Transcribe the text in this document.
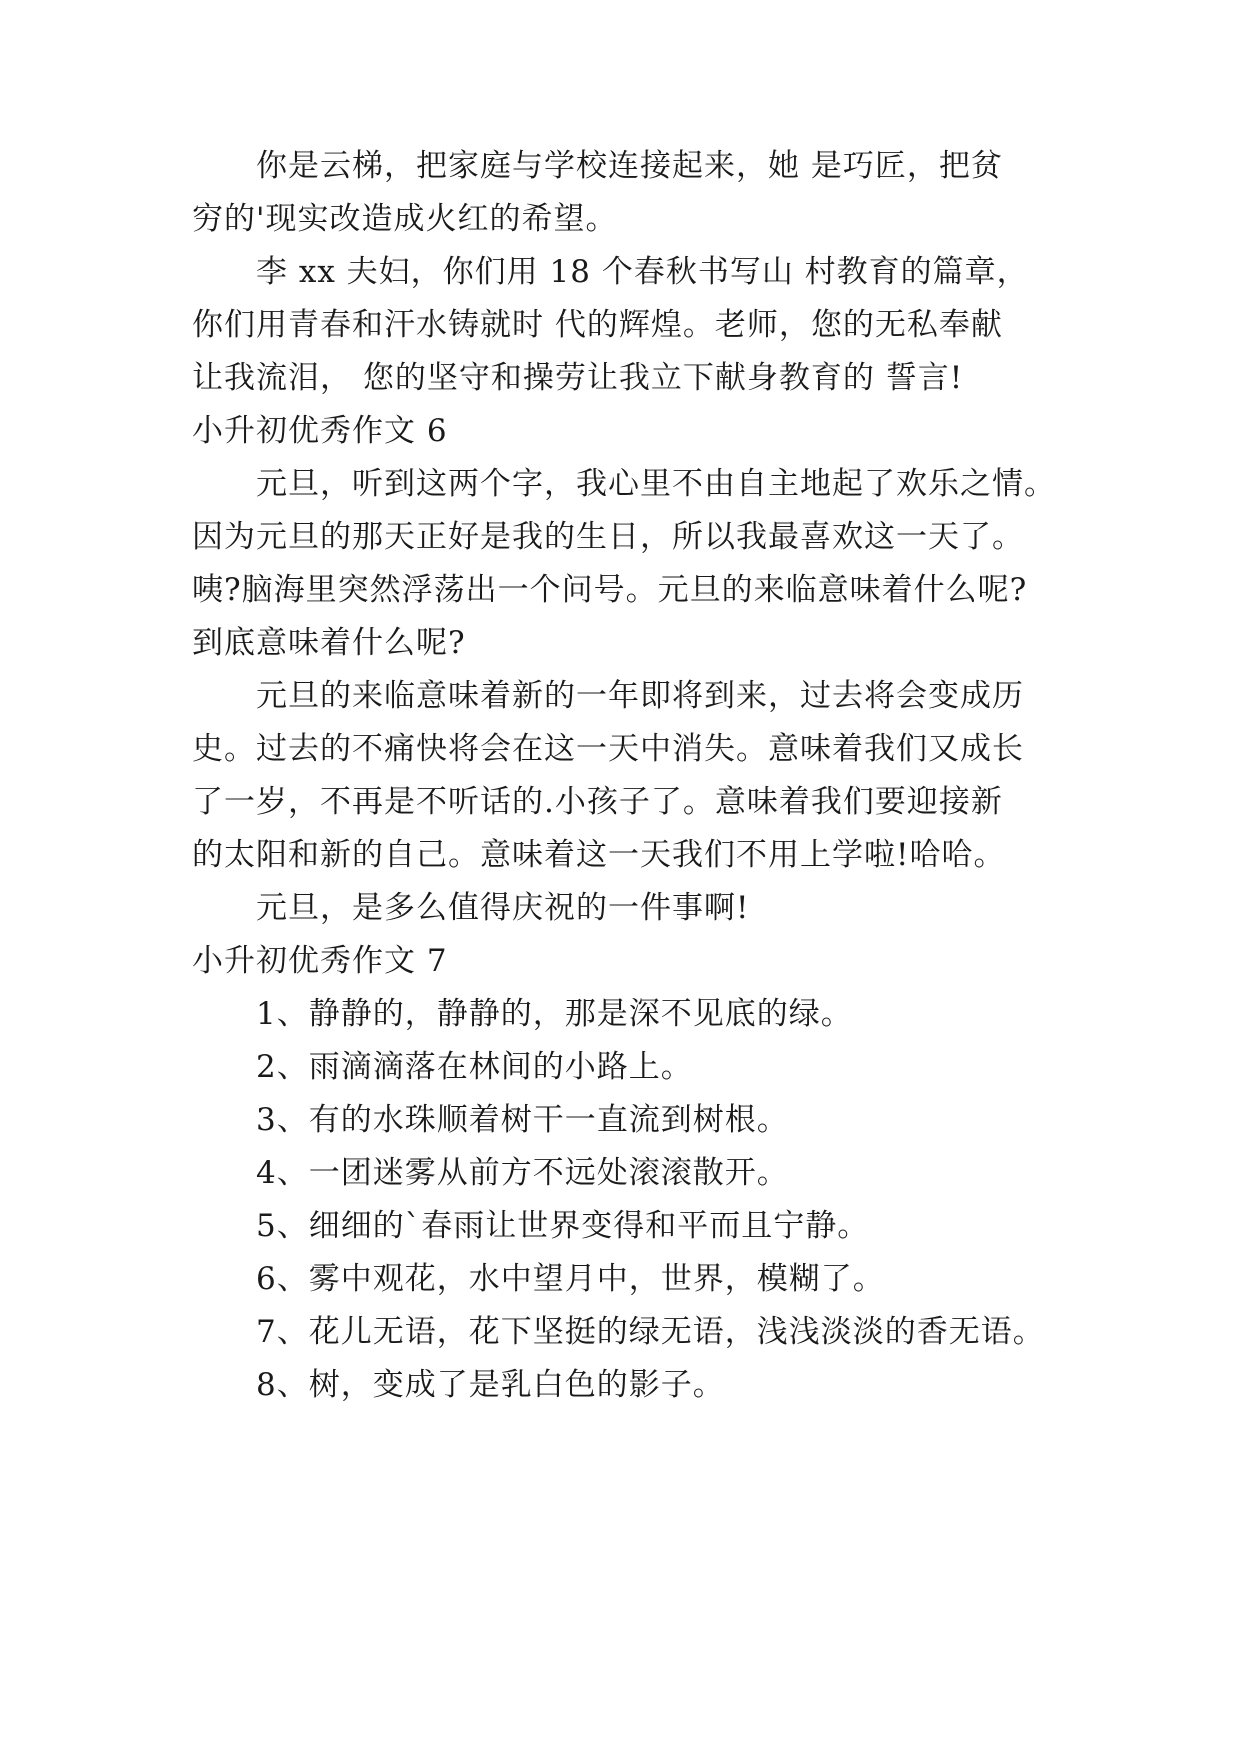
你是云梯，把家庭与学校连接起来，她 是巧匠，把贫
穷的'现实改造成火红的希望。
李 xx 夫妇，你们用 18 个春秋书写山 村教育的篇章，
你们用青春和汗水铸就时 代的辉煌。老师，您的无私奉献
让我流泪， 您的坚守和操劳让我立下献身教育的 誓言!
小升初优秀作文 6
元旦，听到这两个字，我心里不由自主地起了欢乐之情。
因为元旦的那天正好是我的生日，所以我最喜欢这一天了。
咦?脑海里突然浮荡出一个问号。元旦的来临意味着什么呢?
到底意味着什么呢?
元旦的来临意味着新的一年即将到来，过去将会变成历
史。过去的不痛快将会在这一天中消失。意味着我们又成长
了一岁，不再是不听话的.小孩子了。意味着我们要迎接新
的太阳和新的自己。意味着这一天我们不用上学啦!哈哈。
元旦，是多么值得庆祝的一件事啊!
小升初优秀作文 7
1、静静的，静静的，那是深不见底的绿。
2、雨滴滴落在林间的小路上。
3、有的水珠顺着树干一直流到树根。
4、一团迷雾从前方不远处滚滚散开。
5、细细的`春雨让世界变得和平而且宁静。
6、雾中观花，水中望月中，世界，模糊了。
7、花儿无语，花下坚挺的绿无语，浅浅淡淡的香无语。
8、树，变成了是乳白色的影子。
